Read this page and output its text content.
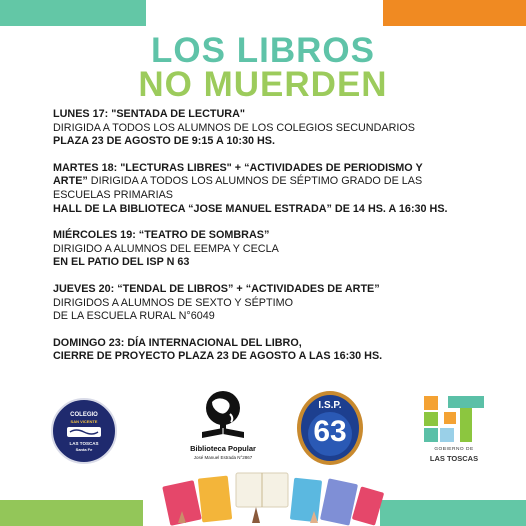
LOS LIBROS
NO MUERDEN
LUNES 17: "SENTADA DE LECTURA"
DIRIGIDA A TODOS LOS ALUMNOS DE LOS COLEGIOS SECUNDARIOS
PLAZA 23 DE AGOSTO DE 9:15 A 10:30 HS.
MARTES 18: "LECTURAS LIBRES" + “ACTIVIDADES DE PERIODISMO Y
ARTE” DIRIGIDA A TODOS LOS ALUMNOS DE SÉPTIMO GRADO DE LAS
ESCUELAS PRIMARIAS
HALL DE LA BIBLIOTECA “JOSE MANUEL ESTRADA” DE 14 HS. A 16:30 HS.
MIÉRCOLES 19: “TEATRO DE SOMBRAS”
DIRIGIDO A ALUMNOS DEL EEMPA Y CECLA
EN EL PATIO DEL ISP N 63
JUEVES 20: “TENDAL DE LIBROS” + “ACTIVIDADES DE ARTE”
DIRIGIDOS A ALUMNOS DE SEXTO Y SÉPTIMO
DE LA ESCUELA RURAL N°6049
DOMINGO 23: DÍA INTERNACIONAL DEL LIBRO,
CIERRE DE PROYECTO PLAZA 23 DE AGOSTO A LAS 16:30 HS.
COLEGIO
SAN VICENTE
LAS TOSCAS
Santa Fe	Biblioteca Popular
José Manuel Estrada N°2867
I.S.P.
63
GOBIERNO DE
LAS TOSCAS
